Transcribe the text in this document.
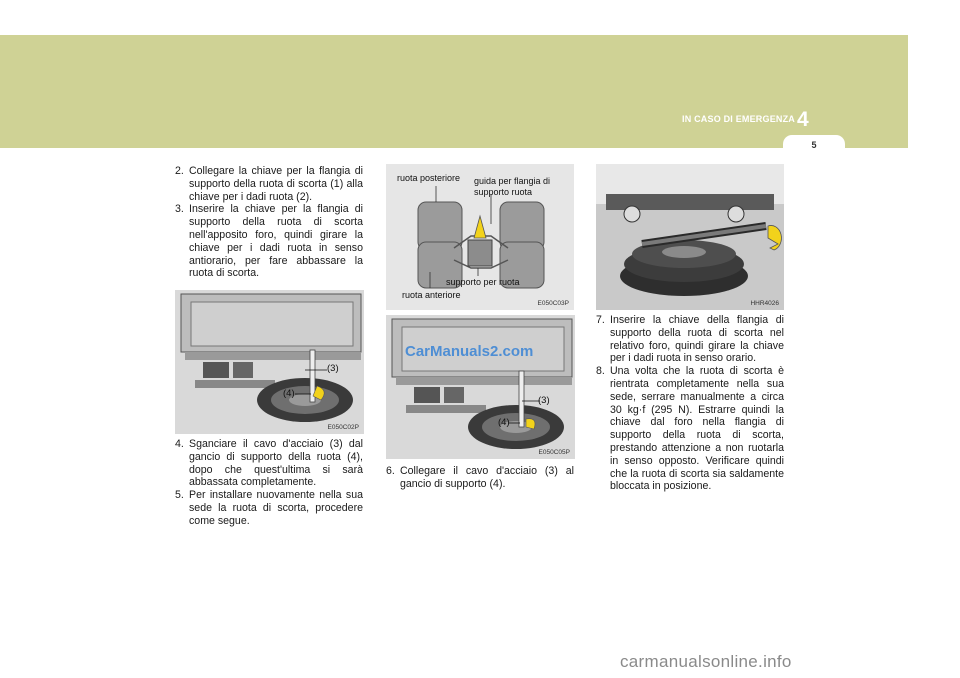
IN CASO DI EMERGENZA 4
5
2. Collegare la chiave per la flangia di supporto della ruota di scorta (1) alla chiave per i dadi ruota (2).
3. Inserire la chiave per la flangia di supporto della ruota di scorta nell'apposito foro, quindi girare la chiave per i dadi ruota in senso antiorario, per fare abbassare la ruota di scorta.
(3)
(4)
E050C02P
4. Sganciare il cavo d'acciaio (3) dal gancio di supporto della ruota (4), dopo che quest'ultima si sarà abbassata completamente.
5. Per installare nuovamente nella sua sede la ruota di scorta, procedere come segue.
ruota posteriore guida per flangia di
supporto ruota
supporto per ruota
ruota anteriore
E050C03P
(3)
(4)
E050C05P
CarManuals2.com
6. Collegare il cavo d'acciaio (3) al gancio di supporto (4).
HHR4026
7. Inserire la chiave della flangia di supporto della ruota di scorta nel relativo foro, quindi girare la chiave per i dadi ruota in senso orario.
8. Una volta che la ruota di scorta è rientrata completamente nella sua sede, serrare manualmente a circa 30 kg·f (295 N). Estrarre quindi la chiave dal foro nella flangia di supporto della ruota di scorta, prestando attenzione a non ruotarla in senso opposto. Verificare quindi che la ruota di scorta sia saldamente bloccata in posizione.
carmanualsonline.info
